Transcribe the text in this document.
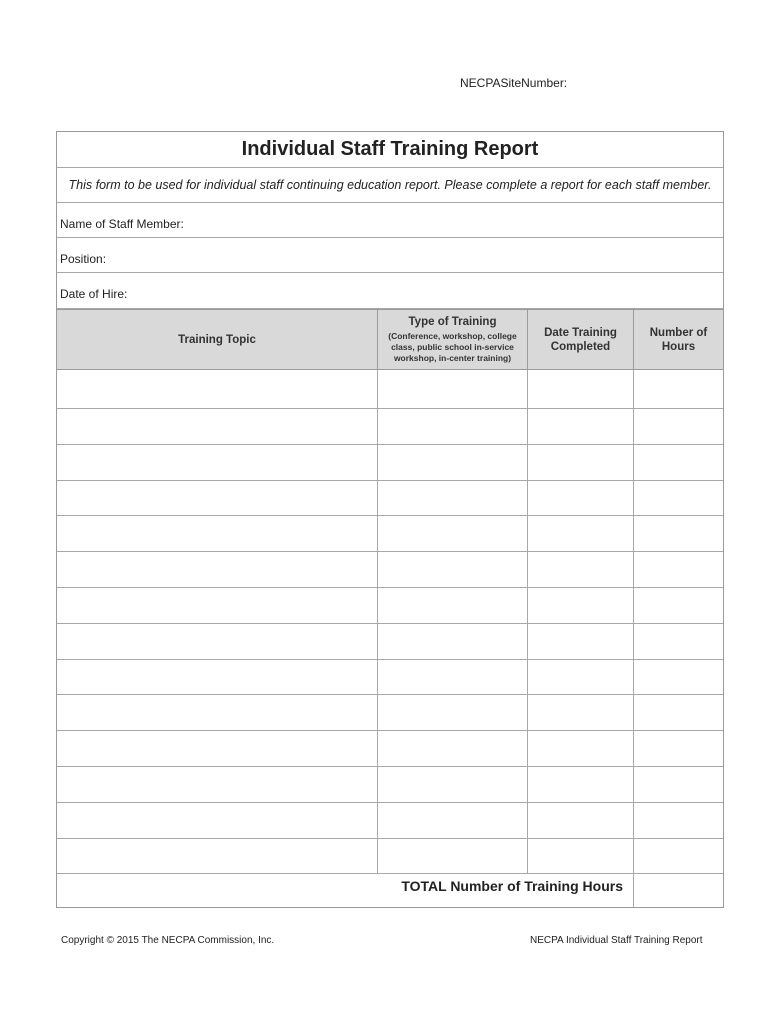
NECPASiteNumber:
Individual Staff Training Report
This form to be used for individual staff continuing education report. Please complete a report for each staff member.
Name of Staff Member:
Position:
Date of Hire:
Training Topic
Type of Training
(Conference, workshop, college class, public school in-service workshop, in-center training)
Date Training Completed
Number of Hours
TOTAL Number of Training Hours
Copyright © 2015 The NECPA Commission, Inc.	NECPA Individual Staff Training Report
